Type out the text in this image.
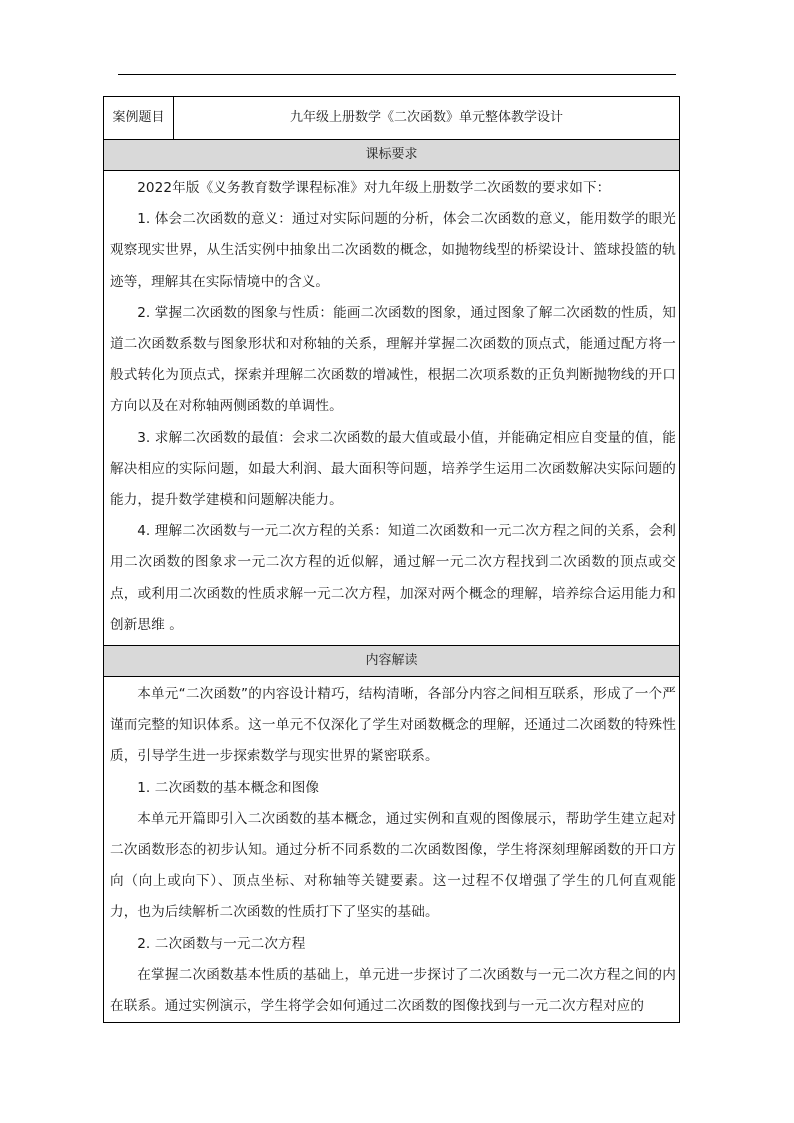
案例题目	九年级上册数学《二次函数》单元整体教学设计
课标要求

2022年版《义务教育数学课程标准》对九年级上册数学二次函数的要求如下：

1. 体会二次函数的意义：通过对实际问题的分析，体会二次函数的意义，能用数学的眼光观察现实世界，从生活实例中抽象出二次函数的概念，如抛物线型的桥梁设计、篮球投篮的轨迹等，理解其在实际情境中的含义。

2. 掌握二次函数的图象与性质：能画二次函数的图象，通过图象了解二次函数的性质，知道二次函数系数与图象形状和对称轴的关系，理解并掌握二次函数的顶点式，能通过配方将一般式转化为顶点式，探索并理解二次函数的增减性，根据二次项系数的正负判断抛物线的开口方向以及在对称轴两侧函数的单调性。

3. 求解二次函数的最值：会求二次函数的最大值或最小值，并能确定相应自变量的值，能解决相应的实际问题，如最大利润、最大面积等问题，培养学生运用二次函数解决实际问题的能力，提升数学建模和问题解决能力。

4. 理解二次函数与一元二次方程的关系：知道二次函数和一元二次方程之间的关系，会利用二次函数的图象求一元二次方程的近似解，通过解一元二次方程找到二次函数的顶点或交点，或利用二次函数的性质求解一元二次方程，加深对两个概念的理解，培养综合运用能力和创新思维 。

内容解读

本单元“二次函数”的内容设计精巧，结构清晰，各部分内容之间相互联系，形成了一个严谨而完整的知识体系。这一单元不仅深化了学生对函数概念的理解，还通过二次函数的特殊性质，引导学生进一步探索数学与现实世界的紧密联系。

1. 二次函数的基本概念和图像

本单元开篇即引入二次函数的基本概念，通过实例和直观的图像展示，帮助学生建立起对二次函数形态的初步认知。通过分析不同系数的二次函数图像，学生将深刻理解函数的开口方向（向上或向下）、顶点坐标、对称轴等关键要素。这一过程不仅增强了学生的几何直观能力，也为后续解析二次函数的性质打下了坚实的基础。

2. 二次函数与一元二次方程

在掌握二次函数基本性质的基础上，单元进一步探讨了二次函数与一元二次方程之间的内在联系。通过实例演示，学生将学会如何通过二次函数的图像找到与一元二次方程对应的
